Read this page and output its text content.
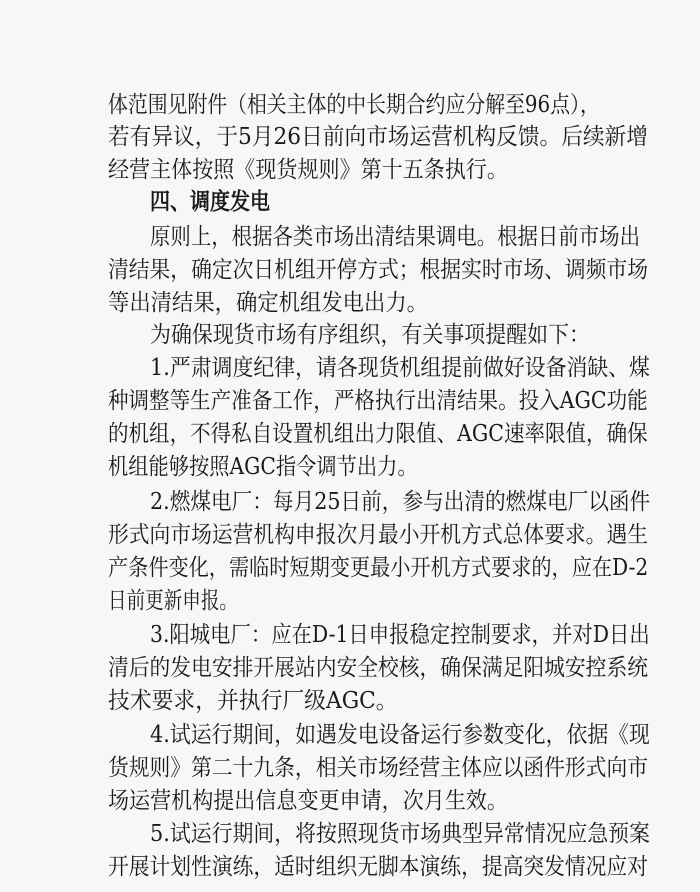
体范围见附件（相关主体的中长期合约应分解至96点），
若有异议，于5月26日前向市场运营机构反馈。后续新增
经营主体按照《现货规则》第十五条执行。
四、调度发电
原则上，根据各类市场出清结果调电。根据日前市场出
清结果，确定次日机组开停方式；根据实时市场、调频市场
等出清结果，确定机组发电出力。
为确保现货市场有序组织，有关事项提醒如下：
1.严肃调度纪律，请各现货机组提前做好设备消缺、煤
种调整等生产准备工作，严格执行出清结果。投入AGC功能
的机组，不得私自设置机组出力限值、AGC速率限值，确保
机组能够按照AGC指令调节出力。
2.燃煤电厂：每月25日前，参与出清的燃煤电厂以函件
形式向市场运营机构申报次月最小开机方式总体要求。遇生
产条件变化，需临时短期变更最小开机方式要求的，应在D-2
日前更新申报。
3.阳城电厂：应在D-1日申报稳定控制要求，并对D日出
清后的发电安排开展站内安全校核，确保满足阳城安控系统
技术要求，并执行厂级AGC。
4.试运行期间，如遇发电设备运行参数变化，依据《现
货规则》第二十九条，相关市场经营主体应以函件形式向市
场运营机构提出信息变更申请，次月生效。
5.试运行期间，将按照现货市场典型异常情况应急预案
开展计划性演练，适时组织无脚本演练，提高突发情况应对
